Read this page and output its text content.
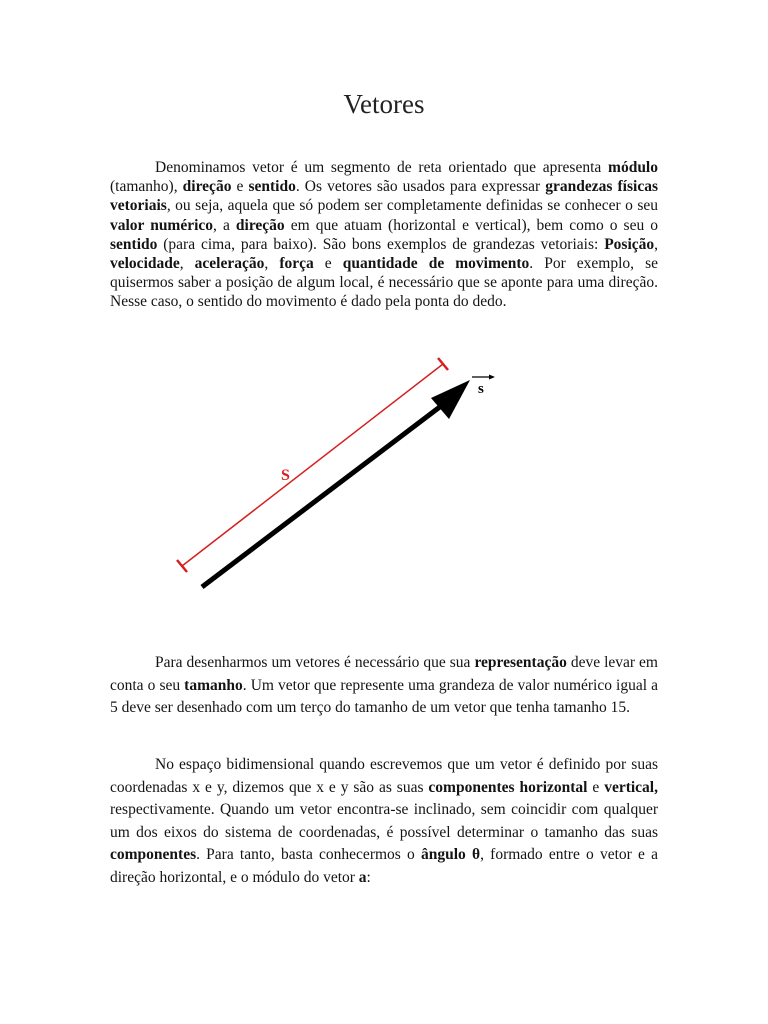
Vetores

Denominamos vetor é um segmento de reta orientado que apresenta módulo (tamanho), direção e sentido. Os vetores são usados para expressar grandezas físicas vetoriais, ou seja, aquela que só podem ser completamente definidas se conhecer o seu valor numérico, a direção em que atuam (horizontal e vertical), bem como o seu o sentido (para cima, para baixo). São bons exemplos de grandezas vetoriais: Posição, velocidade, aceleração, força e quantidade de movimento. Por exemplo, se quisermos saber a posição de algum local, é necessário que se aponte para uma direção. Nesse caso, o sentido do movimento é dado pela ponta do dedo.

S
s

Para desenharmos um vetores é necessário que sua representação deve levar em conta o seu tamanho. Um vetor que represente uma grandeza de valor numérico igual a 5 deve ser desenhado com um terço do tamanho de um vetor que tenha tamanho 15.

No espaço bidimensional quando escrevemos que um vetor é definido por suas coordenadas x e y, dizemos que x e y são as suas componentes horizontal e vertical, respectivamente. Quando um vetor encontra-se inclinado, sem coincidir com qualquer um dos eixos do sistema de coordenadas, é possível determinar o tamanho das suas componentes. Para tanto, basta conhecermos o ângulo θ, formado entre o vetor e a direção horizontal, e o módulo do vetor a:
